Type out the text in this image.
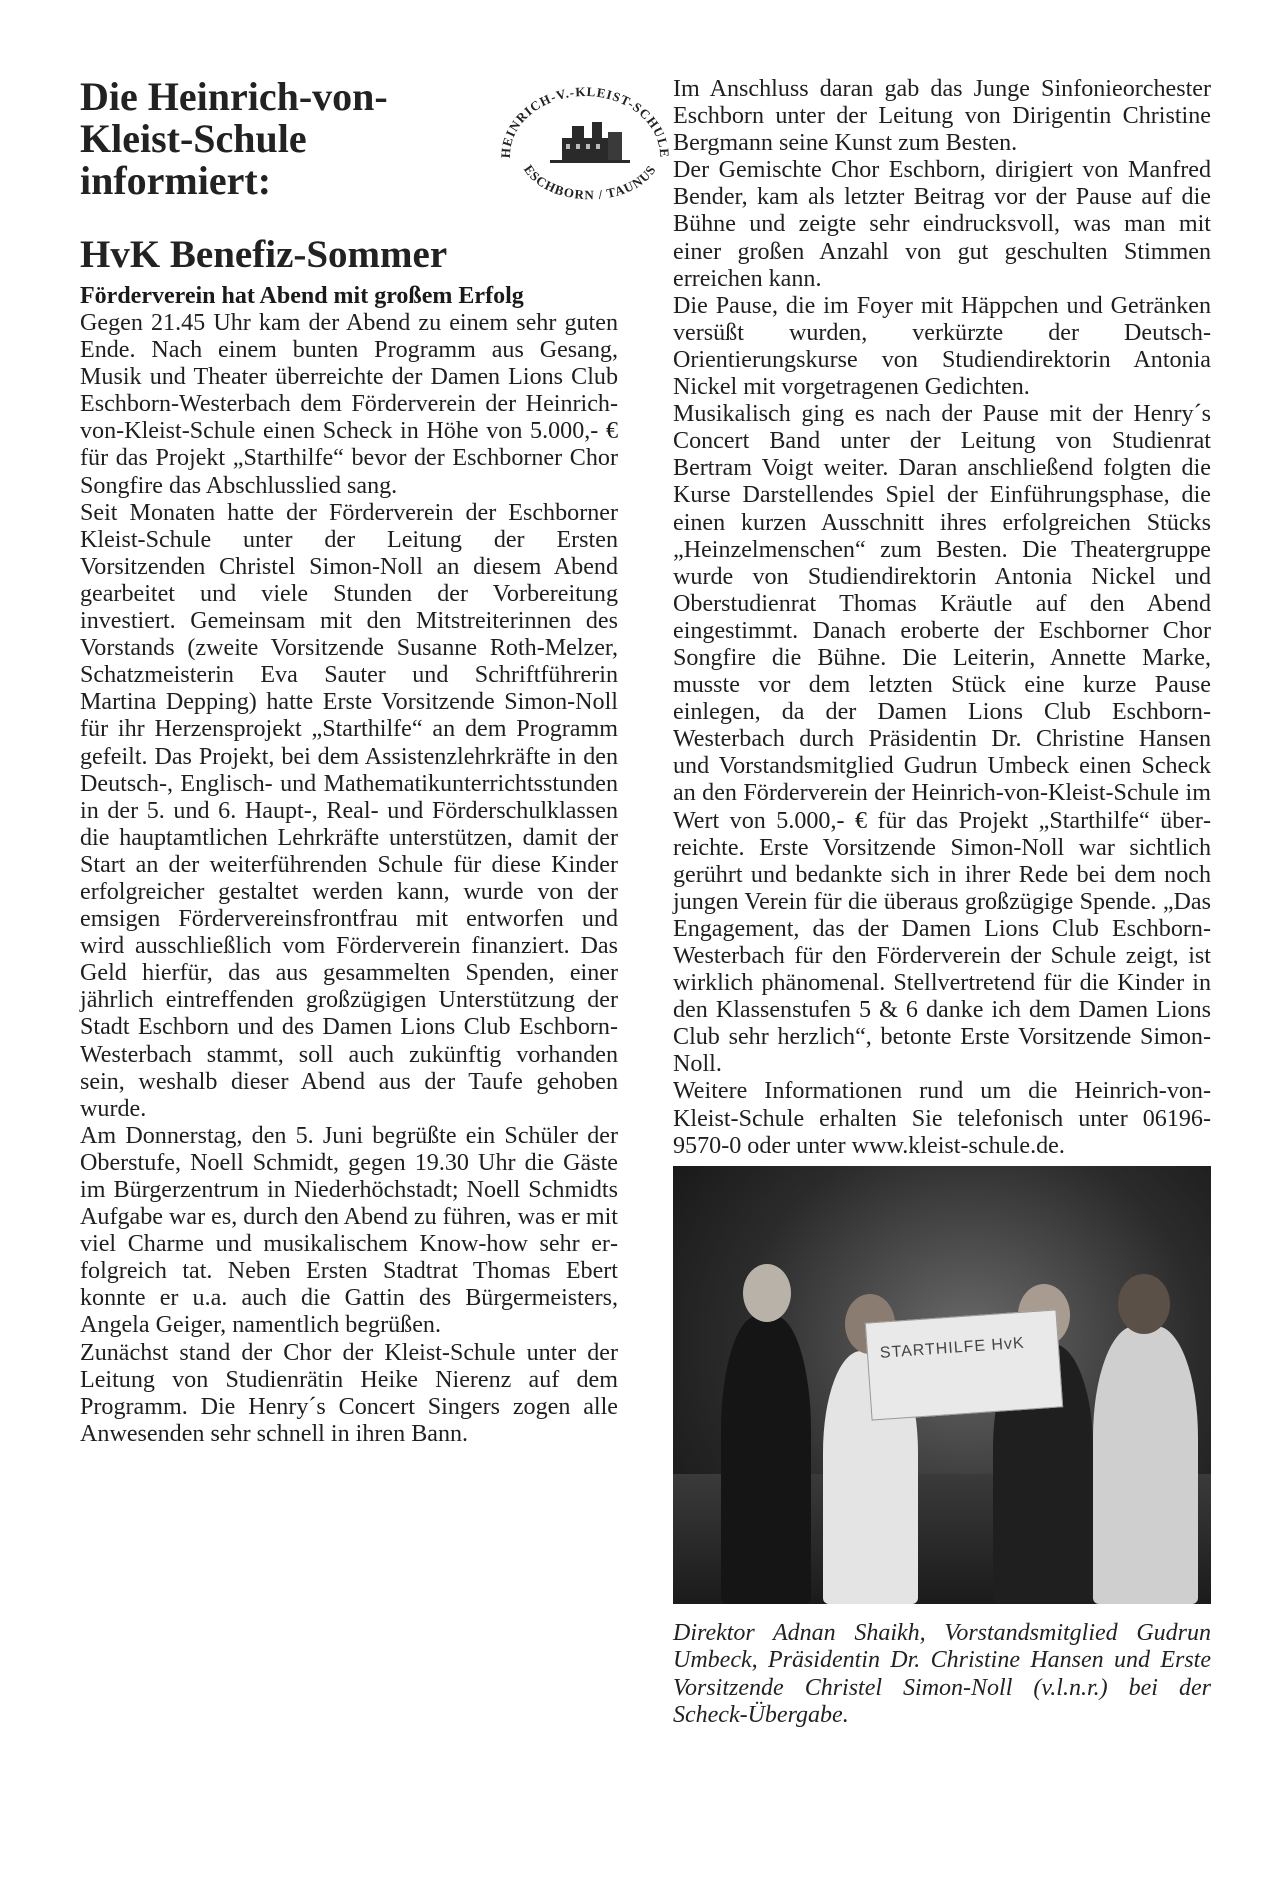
Die Heinrich-von-Kleist-Schule informiert:
HEINRICH-V.-KLEIST-SCHULE
ESCHBORN / TAUNUS
HvK Benefiz-Sommer
Förderverein hat Abend mit großem Erfolg

Gegen 21.45 Uhr kam der Abend zu einem sehr guten Ende. Nach einem bunten Programm aus Gesang, Musik und Theater überreichte der Damen Lions Club Eschborn-Westerbach dem Förderverein der Heinrich-von-Kleist-Schule einen Scheck in Höhe von 5.000,- € für das Projekt „Starthilfe“ bevor der Eschborner Chor Songfire das Abschlusslied sang.

Seit Monaten hatte der Förderverein der Eschborner Kleist-Schule unter der Leitung der Ersten Vorsitzenden Christel Simon-Noll an diesem Abend gearbeitet und viele Stunden der Vorbereitung investiert. Gemeinsam mit den Mitstreiterinnen des Vorstands (zweite Vorsitzende Susanne Roth-Melzer, Schatzmeisterin Eva Sauter und Schriftführerin Martina Depping) hatte Erste Vorsitzende Simon-Noll für ihr Herzensprojekt „Starthilfe“ an dem Programm gefeilt. Das Projekt, bei dem Assistenzlehrkräfte in den Deutsch-, Englisch- und Mathematikunterrichtsstunden in der 5. und 6. Haupt-, Real- und Förderschulklassen die hauptamtlichen Lehrkräfte unterstützen, damit der Start an der weiterführenden Schule für diese Kinder erfolgreicher gestaltet werden kann, wurde von der emsigen Fördervereinsfrontfrau mit entworfen und wird ausschließlich vom Förderverein finanziert. Das Geld hierfür, das aus gesammelten Spenden, einer jährlich eintreffenden großzügigen Unterstützung der Stadt Eschborn und des Damen Lions Club Eschborn-Westerbach stammt, soll auch zukünftig vorhanden sein, weshalb dieser Abend aus der Taufe gehoben wurde.

Am Donnerstag, den 5. Juni begrüßte ein Schüler der Oberstufe, Noell Schmidt, gegen 19.30 Uhr die Gäste im Bürgerzentrum in Niederhöchstadt; Noell Schmidts Aufgabe war es, durch den Abend zu führen, was er mit viel Charme und musikalischem Know-how sehr erfolgreich tat. Neben Ersten Stadtrat Thomas Ebert konnte er u.a. auch die Gattin des Bürgermeisters, Angela Geiger, namentlich begrüßen.

Zunächst stand der Chor der Kleist-Schule unter der Leitung von Studienrätin Heike Nierenz auf dem Programm. Die Henry´s Concert Singers zogen alle Anwesenden sehr schnell in ihren Bann.

Im Anschluss daran gab das Junge Sinfonieorchester Eschborn unter der Leitung von Dirigentin Christine Bergmann seine Kunst zum Besten.

Der Gemischte Chor Eschborn, dirigiert von Manfred Bender, kam als letzter Beitrag vor der Pause auf die Bühne und zeigte sehr eindrucksvoll, was man mit einer großen Anzahl von gut geschulten Stimmen erreichen kann.

Die Pause, die im Foyer mit Häppchen und Getränken versüßt wurden, verkürzte der Deutsch-Orientierungskurse von Studiendirektorin Antonia Nickel mit vorgetragenen Gedichten.

Musikalisch ging es nach der Pause mit der Henry´s Concert Band unter der Leitung von Studienrat Bertram Voigt weiter. Daran anschließend folgten die Kurse Darstellendes Spiel der Einführungsphase, die einen kurzen Ausschnitt ihres erfolgreichen Stücks „Heinzelmenschen“ zum Besten. Die Theatergruppe wurde von Studiendirektorin Antonia Nickel und Oberstudienrat Thomas Kräutle auf den Abend eingestimmt. Danach eroberte der Eschborner Chor Songfire die Bühne. Die Leiterin, Annette Marke, musste vor dem letzten Stück eine kurze Pause einlegen, da der Damen Lions Club Eschborn-Westerbach durch Präsidentin Dr. Christine Hansen und Vorstandsmitglied Gudrun Umbeck einen Scheck an den Förderverein der Heinrich-von-Kleist-Schule im Wert von 5.000,- € für das Projekt „Starthilfe“ überreichte. Erste Vorsitzende Simon-Noll war sichtlich gerührt und bedankte sich in ihrer Rede bei dem noch jungen Verein für die überaus großzügige Spende. „Das Engagement, das der Damen Lions Club Eschborn-Westerbach für den Förderverein der Schule zeigt, ist wirklich phänomenal. Stellvertretend für die Kinder in den Klassenstufen 5 & 6 danke ich dem Damen Lions Club sehr herzlich“, betonte Erste Vorsitzende Simon-Noll.

Weitere Informationen rund um die Heinrich-von-Kleist-Schule erhalten Sie telefonisch unter 06196-9570-0 oder unter www.kleist-schule.de.

STARTHILFE HvK

Direktor Adnan Shaikh, Vorstandsmitglied Gudrun Umbeck, Präsidentin Dr. Christine Hansen und Erste Vorsitzende Christel Simon-Noll (v.l.n.r.) bei der Scheck-Übergabe.
